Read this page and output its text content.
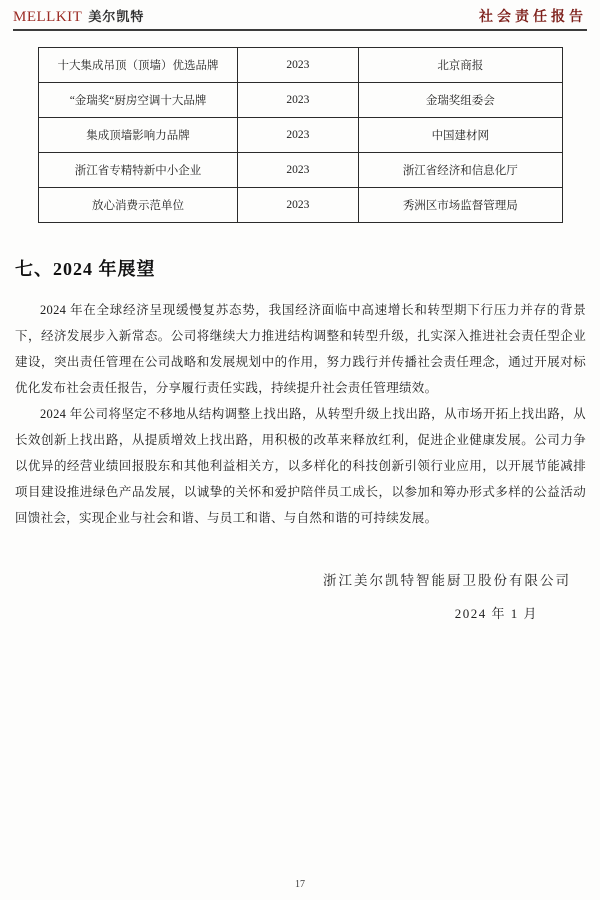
MELLKIT 美尔凯特	社会责任报告
十大集成吊顶（顶墙）优选品牌	2023	北京商报
“金瑞奖“厨房空调十大品牌	2023	金瑞奖组委会
集成顶墙影响力品牌	2023	中国建材网
浙江省专精特新中小企业	2023	浙江省经济和信息化厅
放心消费示范单位	2023	秀洲区市场监督管理局
七、2024 年展望

2024 年在全球经济呈现缓慢复苏态势，我国经济面临中高速增长和转型期下行压力并存的背景下，经济发展步入新常态。公司将继续大力推进结构调整和转型升级，扎实深入推进社会责任型企业建设，突出责任管理在公司战略和发展规划中的作用，努力践行并传播社会责任理念，通过开展对标优化发布社会责任报告，分享履行责任实践，持续提升社会责任管理绩效。

2024 年公司将坚定不移地从结构调整上找出路，从转型升级上找出路，从市场开拓上找出路，从长效创新上找出路，从提质增效上找出路，用积极的改革来释放红利，促进企业健康发展。公司力争以优异的经营业绩回报股东和其他利益相关方，以多样化的科技创新引领行业应用，以开展节能减排项目建设推进绿色产品发展，以诚挚的关怀和爱护陪伴员工成长，以参加和筹办形式多样的公益活动回馈社会，实现企业与社会和谐、与员工和谐、与自然和谐的可持续发展。

浙江美尔凯特智能厨卫股份有限公司
2024 年 1 月
17
